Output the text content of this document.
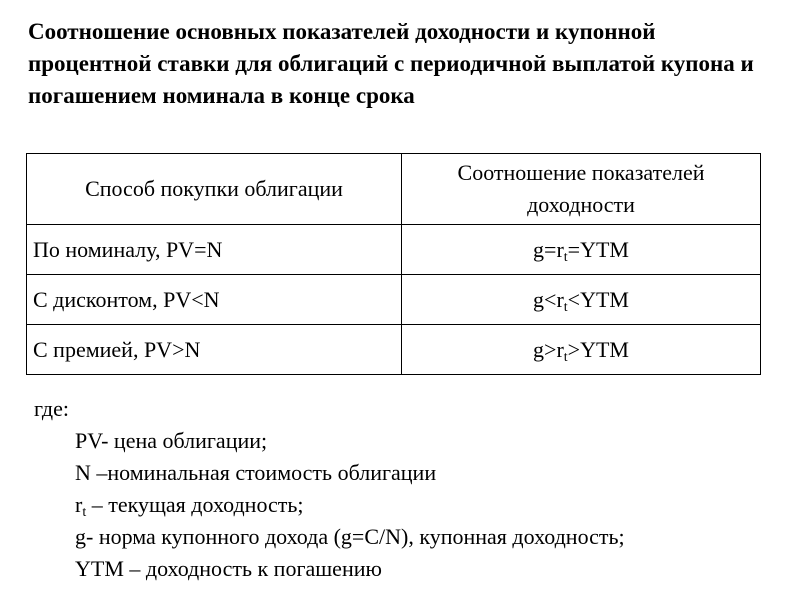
Соотношение основных показателей доходности и купонной процентной ставки для облигаций с периодичной выплатой купона и погашением номинала в конце срока
Способ покупки облигации	Соотношение показателей доходности
По номиналу, PV=N	$g=r_t=YTM$
С дисконтом, PV<N	$g<r_t<YTM$
С премией, PV>N	$g>r_t>YTM$
где:
PV- цена облигации;
N –номинальная стоимость облигации
$r_t$ – текущая доходность;
g- норма купонного дохода (g=C/N), купонная доходность;
YTM – доходность к погашению
